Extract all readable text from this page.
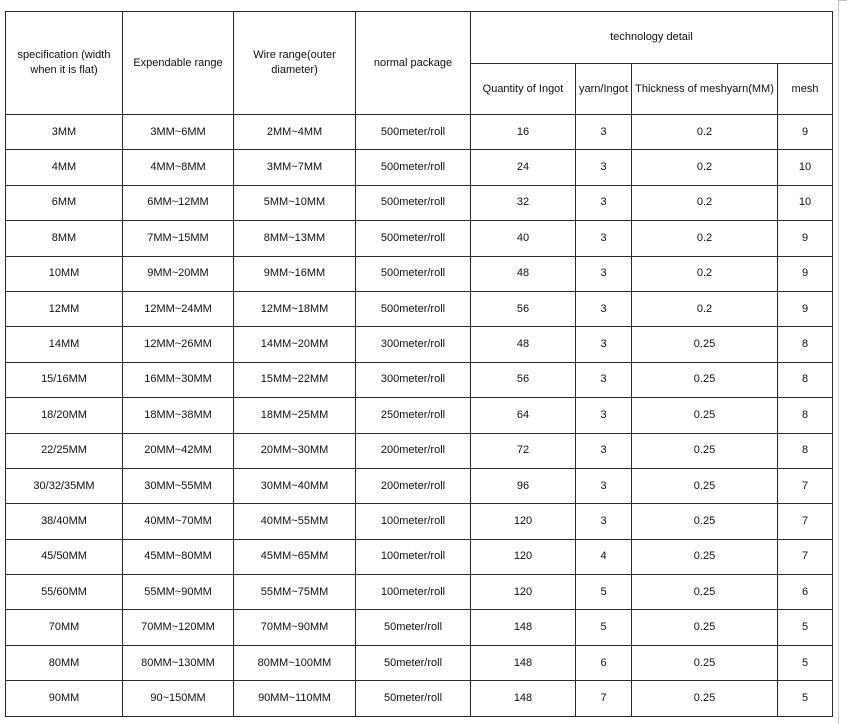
specification (width when it is flat)	Expendable range	Wire range(outer diameter)	normal package	technology detail			
				Quantity of Ingot	yarn/Ingot	Thickness of meshyarn(MM)	mesh
3MM	3MM~6MM	2MM~4MM	500meter/roll	16	3	0.2	9
4MM	4MM~8MM	3MM~7MM	500meter/roll	24	3	0.2	10
6MM	6MM~12MM	5MM~10MM	500meter/roll	32	3	0.2	10
8MM	7MM~15MM	8MM~13MM	500meter/roll	40	3	0.2	9
10MM	9MM~20MM	9MM~16MM	500meter/roll	48	3	0.2	9
12MM	12MM~24MM	12MM~18MM	500meter/roll	56	3	0.2	9
14MM	12MM~26MM	14MM~20MM	300meter/roll	48	3	0.25	8
15/16MM	16MM~30MM	15MM~22MM	300meter/roll	56	3	0.25	8
18/20MM	18MM~38MM	18MM~25MM	250meter/roll	64	3	0.25	8
22/25MM	20MM~42MM	20MM~30MM	200meter/roll	72	3	0.25	8
30/32/35MM	30MM~55MM	30MM~40MM	200meter/roll	96	3	0.25	7
38/40MM	40MM~70MM	40MM~55MM	100meter/roll	120	3	0.25	7
45/50MM	45MM~80MM	45MM~65MM	100meter/roll	120	4	0.25	7
55/60MM	55MM~90MM	55MM~75MM	100meter/roll	120	5	0.25	6
70MM	70MM~120MM	70MM~90MM	50meter/roll	148	5	0.25	5
80MM	80MM~130MM	80MM~100MM	50meter/roll	148	6	0.25	5
90MM	90~150MM	90MM~110MM	50meter/roll	148	7	0.25	5
